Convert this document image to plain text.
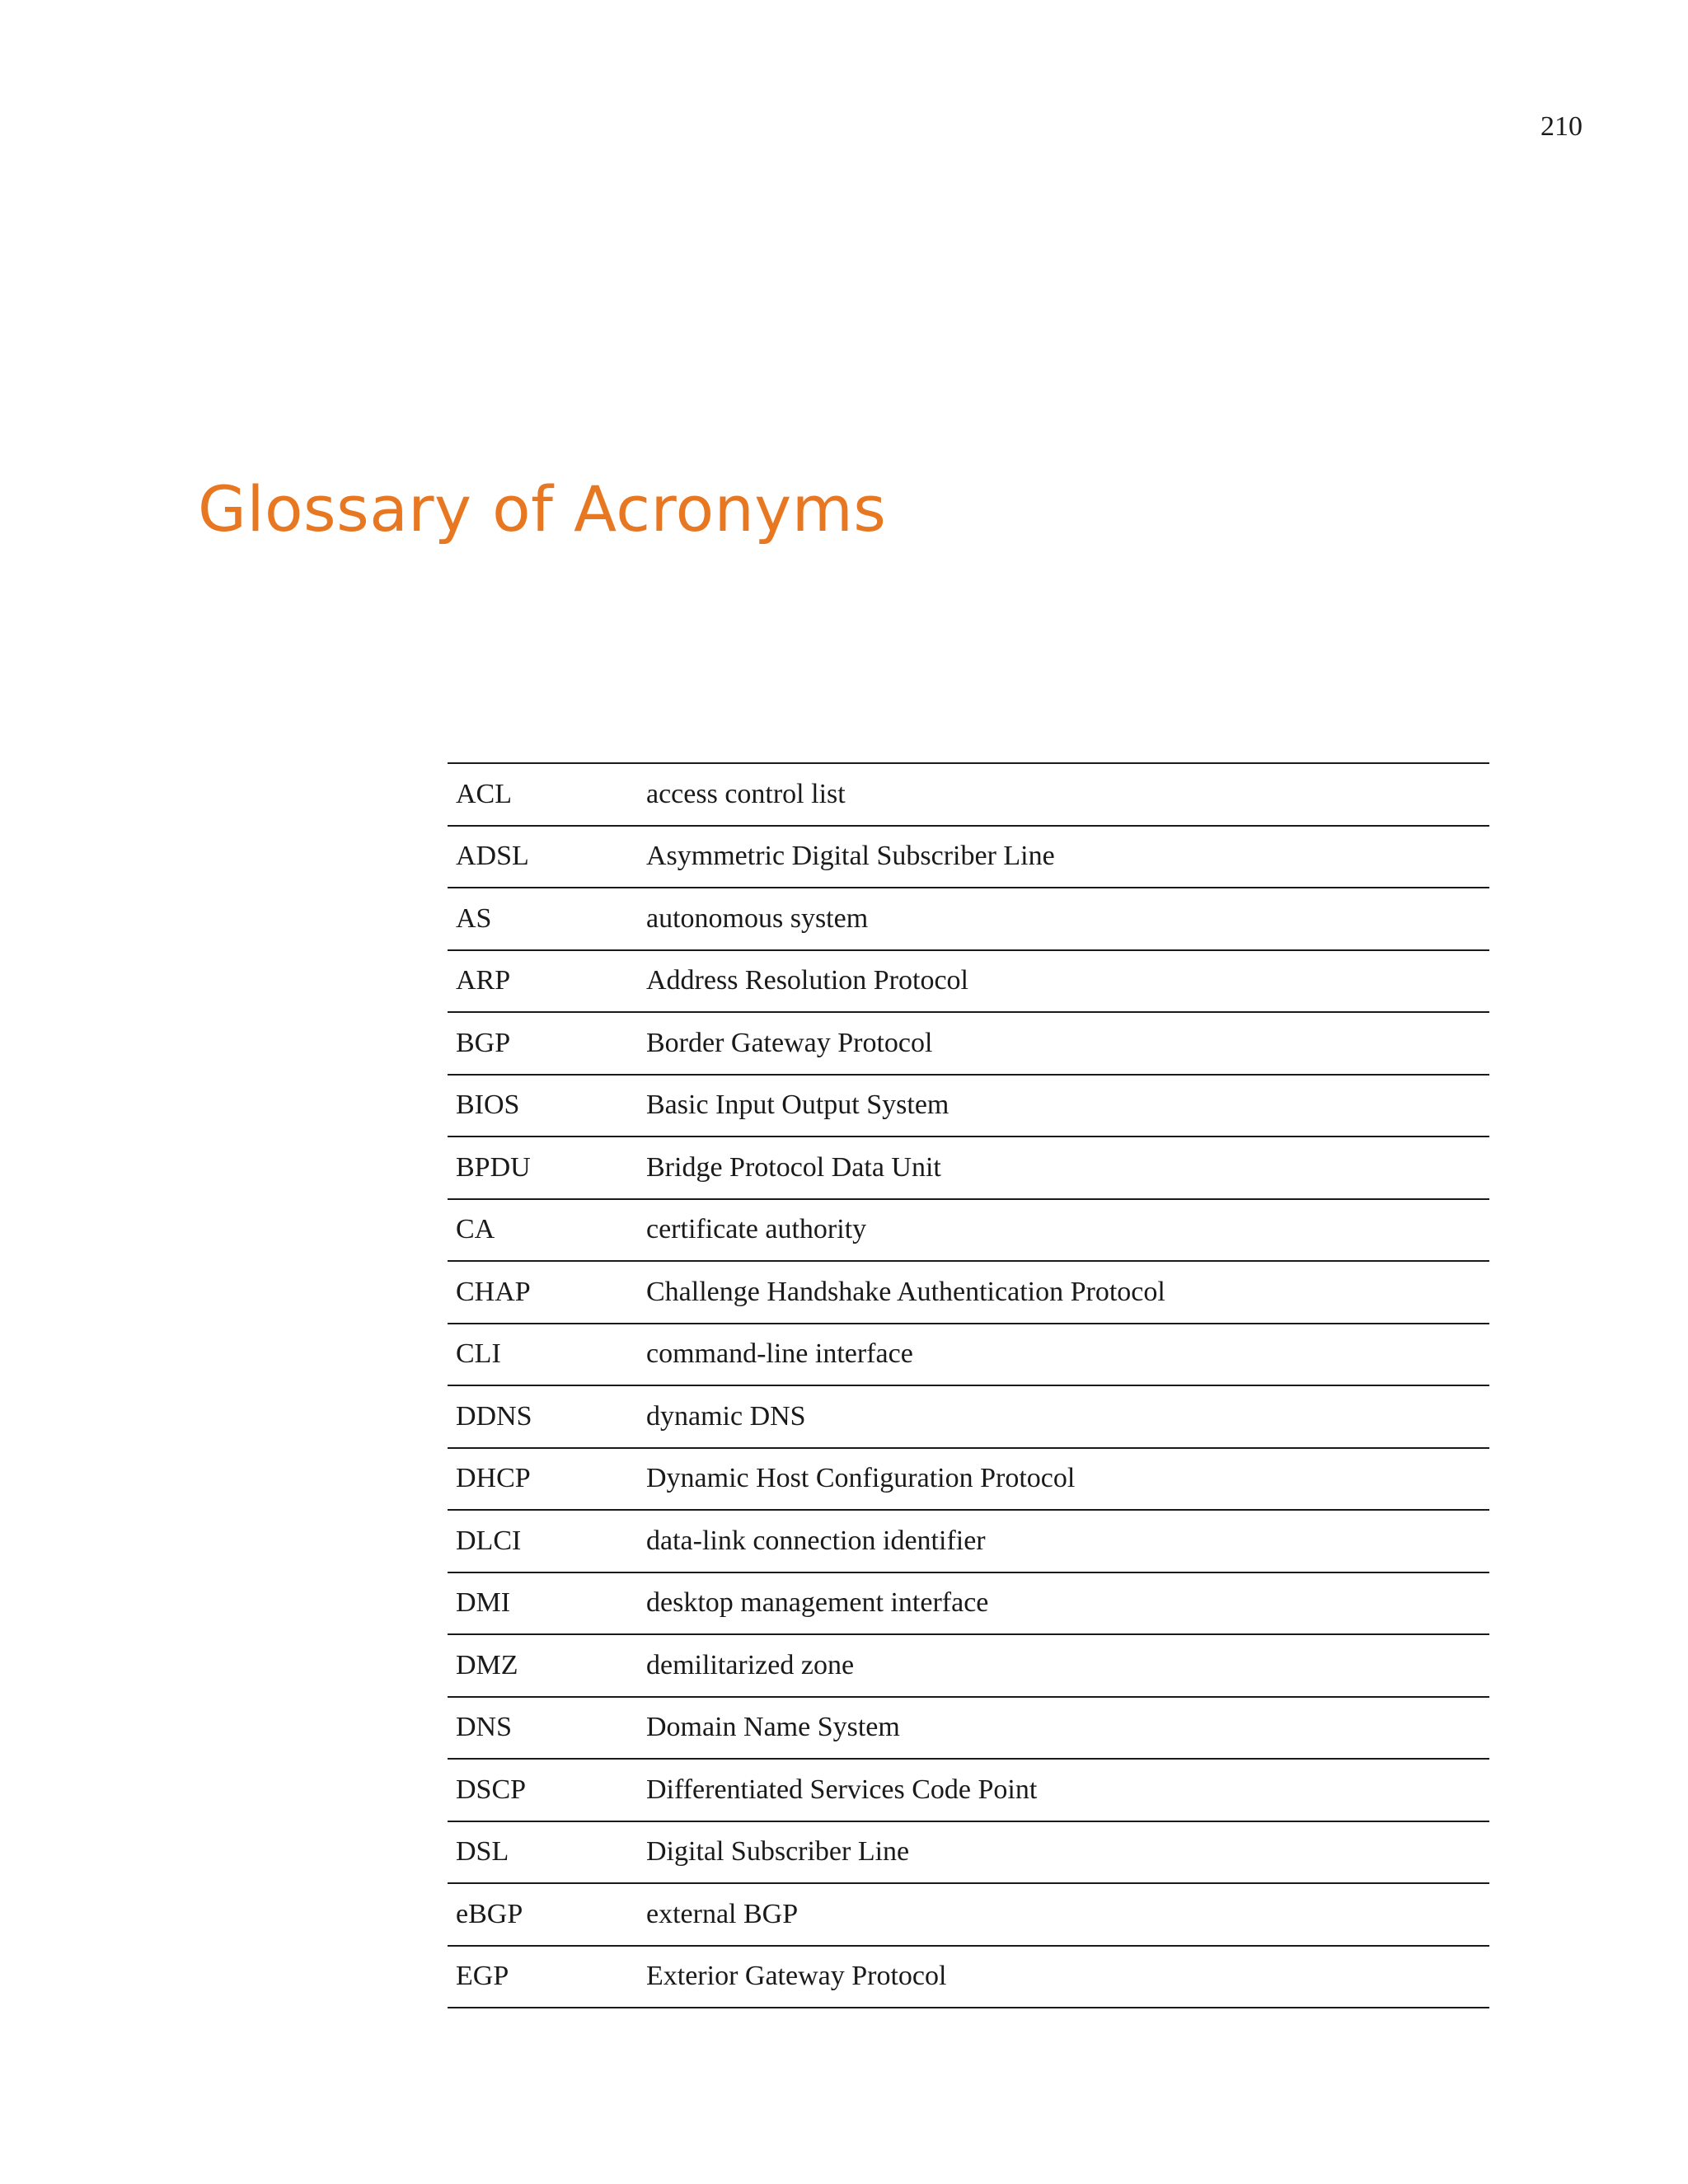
210
Glossary of Acronyms
ACL	access control list
ADSL	Asymmetric Digital Subscriber Line
AS	autonomous system
ARP	Address Resolution Protocol
BGP	Border Gateway Protocol
BIOS	Basic Input Output System
BPDU	Bridge Protocol Data Unit
CA	certificate authority
CHAP	Challenge Handshake Authentication Protocol
CLI	command-line interface
DDNS	dynamic DNS
DHCP	Dynamic Host Configuration Protocol
DLCI	data-link connection identifier
DMI	desktop management interface
DMZ	demilitarized zone
DNS	Domain Name System
DSCP	Differentiated Services Code Point
DSL	Digital Subscriber Line
eBGP	external BGP
EGP	Exterior Gateway Protocol
